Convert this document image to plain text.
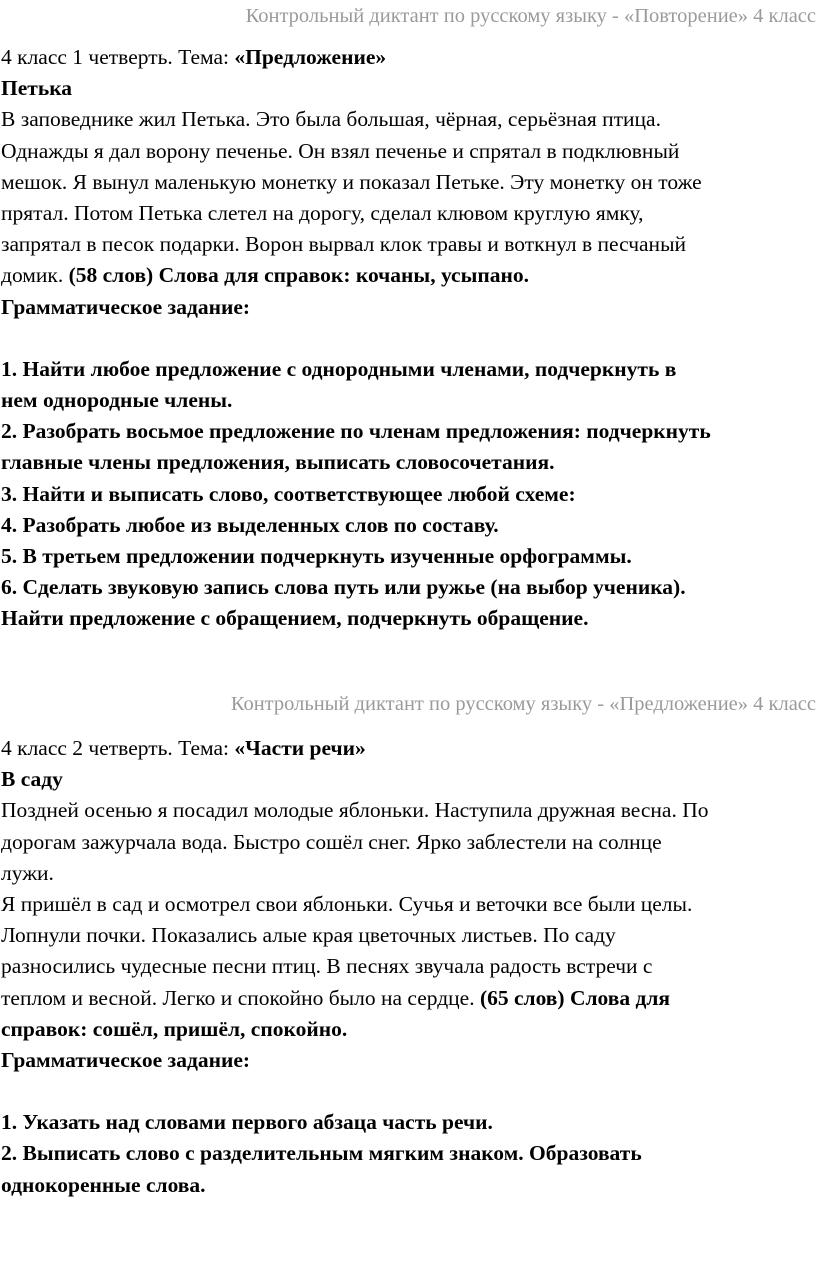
Контрольный диктант по русскому языку - «Повторение» 4 класс
4 класс 1 четверть. Тема: «Предложение»
Петька
В заповеднике жил Петька. Это была большая, чёрная, серьёзная птица.
Однажды я дал ворону печенье. Он взял печенье и спрятал в подклювный
мешок. Я вынул маленькую монетку и показал Петьке. Эту монетку он тоже
прятал. Потом Петька слетел на дорогу, сделал клювом круглую ямку,
запрятал в песок подарки. Ворон вырвал клок травы и воткнул в песчаный
домик. (58 слов) Слова для справок: кочаны, усыпано.
Грамматическое задание:
1. Найти любое предложение с однородными членами, подчеркнуть в
нем однородные члены.
2. Разобрать восьмое предложение по членам предложения: подчеркнуть
главные члены предложения, выписать словосочетания.
3. Найти и выписать слово, соответствующее любой схеме:
4. Разобрать любое из выделенных слов по составу.
5. В третьем предложении подчеркнуть изученные орфограммы.
6. Сделать звуковую запись слова путь или ружье (на выбор ученика).
Найти предложение с обращением, подчеркнуть обращение.
Контрольный диктант по русскому языку - «Предложение» 4 класс
4 класс 2 четверть. Тема: «Части речи»
В саду
Поздней осенью я посадил молодые яблоньки. Наступила дружная весна. По
дорогам зажурчала вода. Быстро сошёл снег. Ярко заблестели на солнце
лужи.
Я пришёл в сад и осмотрел свои яблоньки. Сучья и веточки все были целы.
Лопнули почки. Показались алые края цветочных листьев. По саду
разносились чудесные песни птиц. В песнях звучала радость встречи с
теплом и весной. Легко и спокойно было на сердце. (65 слов) Слова для
справок: сошёл, пришёл, спокойно.
Грамматическое задание:
1. Указать над словами первого абзаца часть речи.
2. Выписать слово с разделительным мягким знаком. Образовать
однокоренные слова.
